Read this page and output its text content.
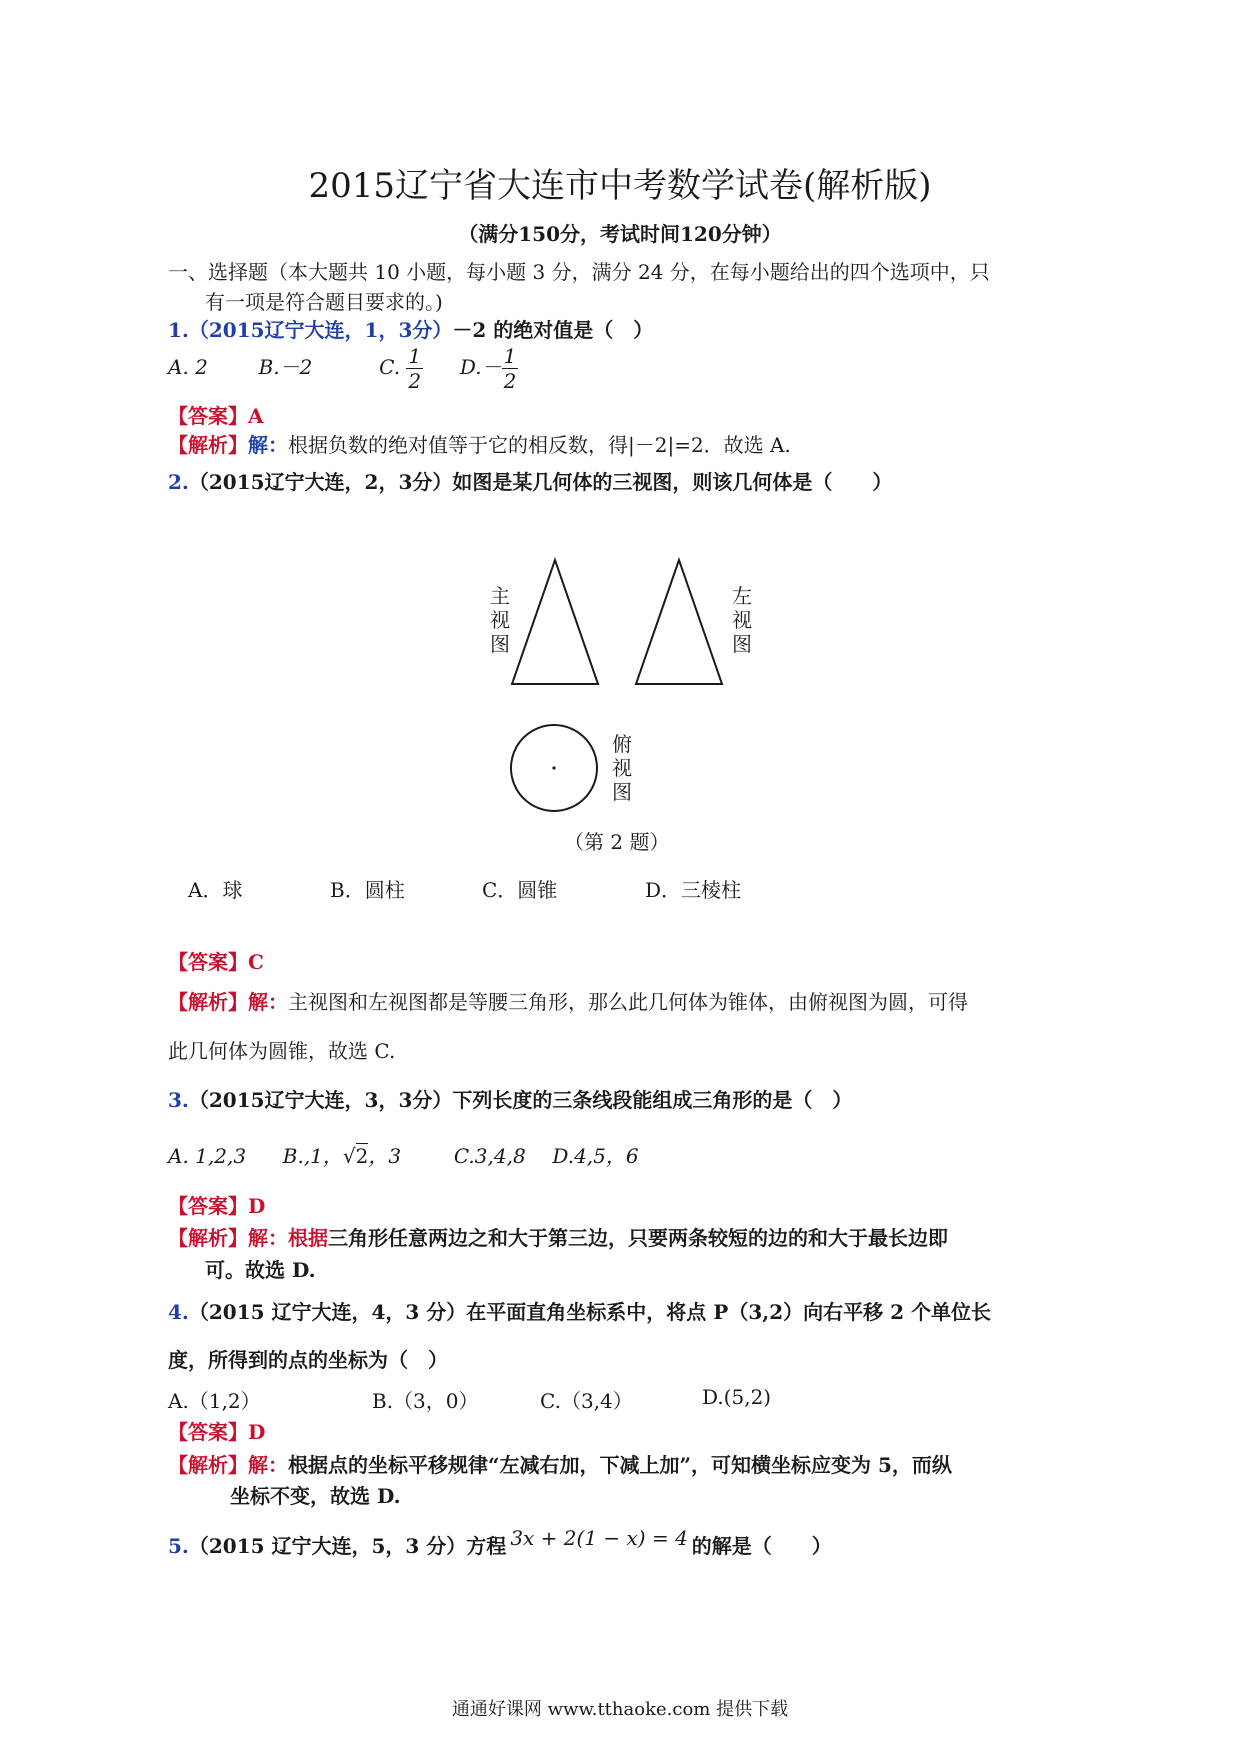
2015辽宁省大连市中考数学试卷(解析版)
（满分150分，考试时间120分钟）
一、选择题（本大题共 10 小题，每小题 3 分，满分 24 分，在每小题给出的四个选项中，只
有一项是符合题目要求的。)
1.（2015辽宁大连，1，3分）－2 的绝对值是（　）
A. 2	B.－2	C. $\frac{1}{2} D.- \frac{1}{2}$
【答案】A
【解析】解：根据负数的绝对值等于它的相反数，得|－2|=2．故选 A.
2.（2015辽宁大连，2，3分）如图是某几何体的三视图，则该几何体是（　　）
主视图
左视图
俯视图
（第 2 题）
A．球	B．圆柱	C．圆锥	D．三棱柱
【答案】C
【解析】解：主视图和左视图都是等腰三角形，那么此几何体为锥体，由俯视图为圆，可得
此几何体为圆锥，故选 C.
3.（2015辽宁大连，3，3分）下列长度的三条线段能组成三角形的是（　）
A. 1,2,3 B.,1，√2，3	C.3,4,8 D.4,5，6
【答案】D
【解析】解：根据三角形任意两边之和大于第三边，只要两条较短的边的和大于最长边即
可。故选 D.
4.（2015 辽宁大连，4，3 分）在平面直角坐标系中，将点 P（3,2）向右平移 2 个单位长
度，所得到的点的坐标为（　）
A.（1,2）	B.（3，0）	C.（3,4）	D.(5,2)
【答案】D
【解析】解：根据点的坐标平移规律“左减右加，下减上加”，可知横坐标应变为 5，而纵
坐标不变，故选 D.
5.（2015 辽宁大连，5，3 分）方程 3x + 2(1 − x) = 4 的解是（　　）
通通好课网 www.tthaoke.com 提供下载
